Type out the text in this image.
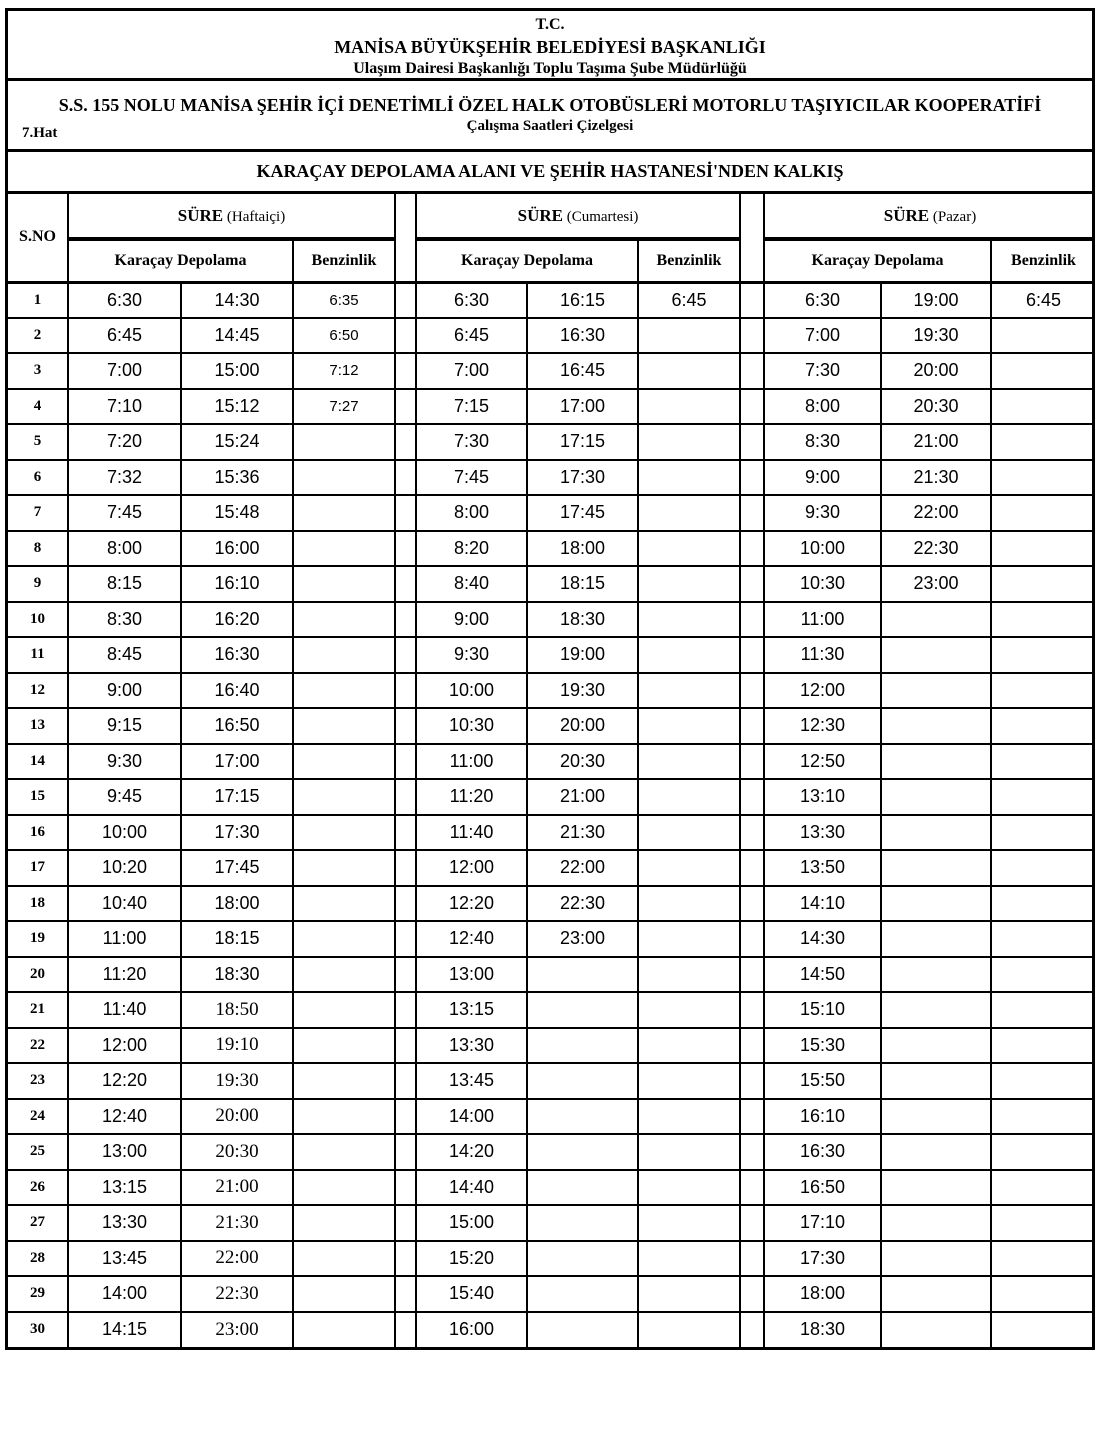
OtobusSaatleri.Net
OtobusSaatleri.Net
T.C.
MANİSA BÜYÜKŞEHİR BELEDİYESİ BAŞKANLIĞI
Ulaşım Dairesi Başkanlığı Toplu Taşıma Şube Müdürlüğü
S.S. 155 NOLU MANİSA ŞEHİR İÇİ DENETİMLİ ÖZEL HALK OTOBÜSLERİ MOTORLU TAŞIYICILAR KOOPERATİFİ
Çalışma Saatleri Çizelgesi
7.Hat
KARAÇAY DEPOLAMA ALANI VE ŞEHİR HASTANESİ'NDEN KALKIŞ
S.NO	SÜRE (Haftaiçi)				SÜRE (Cumartesi)				SÜRE (Pazar)		
	Karaçay Depolama		Benzinlik		Karaçay Depolama		Benzinlik		Karaçay Depolama		Benzinlik
1	6:30	14:30	6:35		6:30	16:15	6:45		6:30	19:00	6:45
2	6:45	14:45	6:50		6:45	16:30			7:00	19:30	
3	7:00	15:00	7:12		7:00	16:45			7:30	20:00	
4	7:10	15:12	7:27		7:15	17:00			8:00	20:30	
5	7:20	15:24			7:30	17:15			8:30	21:00	
6	7:32	15:36			7:45	17:30			9:00	21:30	
7	7:45	15:48			8:00	17:45			9:30	22:00	
8	8:00	16:00			8:20	18:00			10:00	22:30	
9	8:15	16:10			8:40	18:15			10:30	23:00	
10	8:30	16:20			9:00	18:30			11:00		
11	8:45	16:30			9:30	19:00			11:30		
12	9:00	16:40			10:00	19:30			12:00		
13	9:15	16:50			10:30	20:00			12:30		
14	9:30	17:00			11:00	20:30			12:50		
15	9:45	17:15			11:20	21:00			13:10		
16	10:00	17:30			11:40	21:30			13:30		
17	10:20	17:45			12:00	22:00			13:50		
18	10:40	18:00			12:20	22:30			14:10		
19	11:00	18:15			12:40	23:00			14:30		
20	11:20	18:30			13:00				14:50		
21	11:40	18:50			13:15				15:10		
22	12:00	19:10			13:30				15:30		
23	12:20	19:30			13:45				15:50		
24	12:40	20:00			14:00				16:10		
25	13:00	20:30			14:20				16:30		
26	13:15	21:00			14:40				16:50		
27	13:30	21:30			15:00				17:10		
28	13:45	22:00			15:20				17:30		
29	14:00	22:30			15:40				18:00		
30	14:15	23:00			16:00				18:30		
